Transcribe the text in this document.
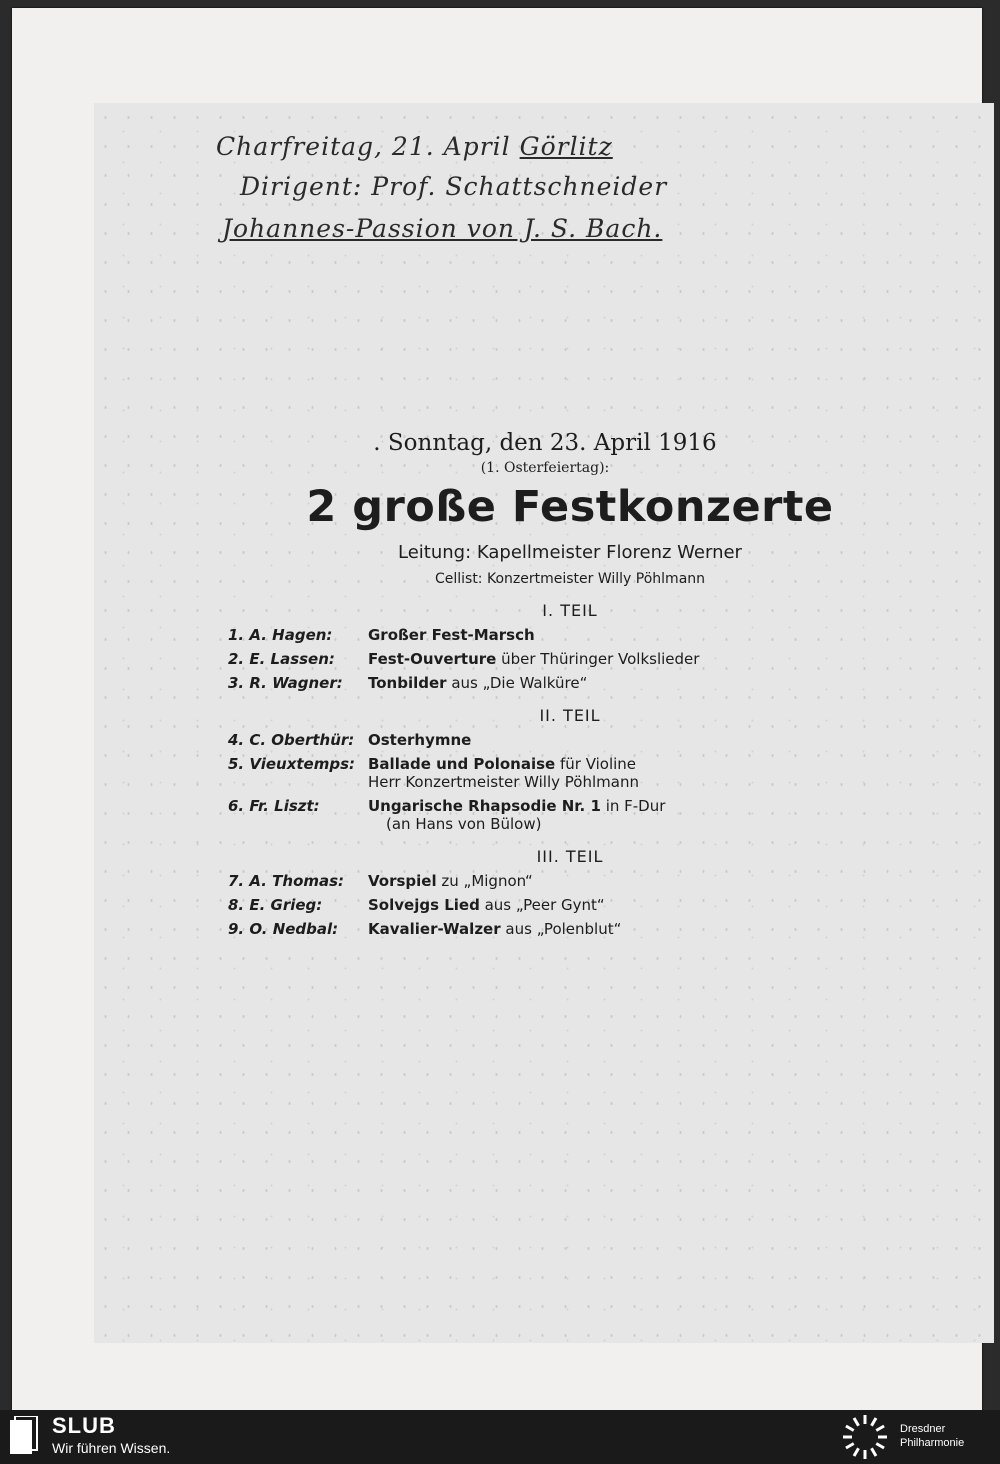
Charfreitag, 21. April Görlitz
Dirigent: Prof. Schattschneider
Johannes-Passion von J. S. Bach.
. Sonntag, den 23. April 1916
(1. Osterfeiertag):
2 große Festkonzerte
Leitung: Kapellmeister Florenz Werner
Cellist: Konzertmeister Willy Pöhlmann
I. TEIL
1. A. Hagen:	Großer Fest-Marsch
2. E. Lassen:	Fest-Ouverture über Thüringer Volkslieder
3. R. Wagner:	Tonbilder aus „Die Walküre“
II. TEIL
4. C. Oberthür: Osterhymne
5. Vieuxtemps: Ballade und Polonaise für Violine
Herr Konzertmeister Willy Pöhlmann
6. Fr. Liszt:	Ungarische Rhapsodie Nr. 1 in F-Dur
(an Hans von Bülow)
III. TEIL
7. A. Thomas:	Vorspiel zu „Mignon“
8. E. Grieg:	Solvejgs Lied aus „Peer Gynt“
9. O. Nedbal:	Kavalier-Walzer aus „Polenblut“
SLUB
Wir führen Wissen.
Dresdner
Philharmonie
